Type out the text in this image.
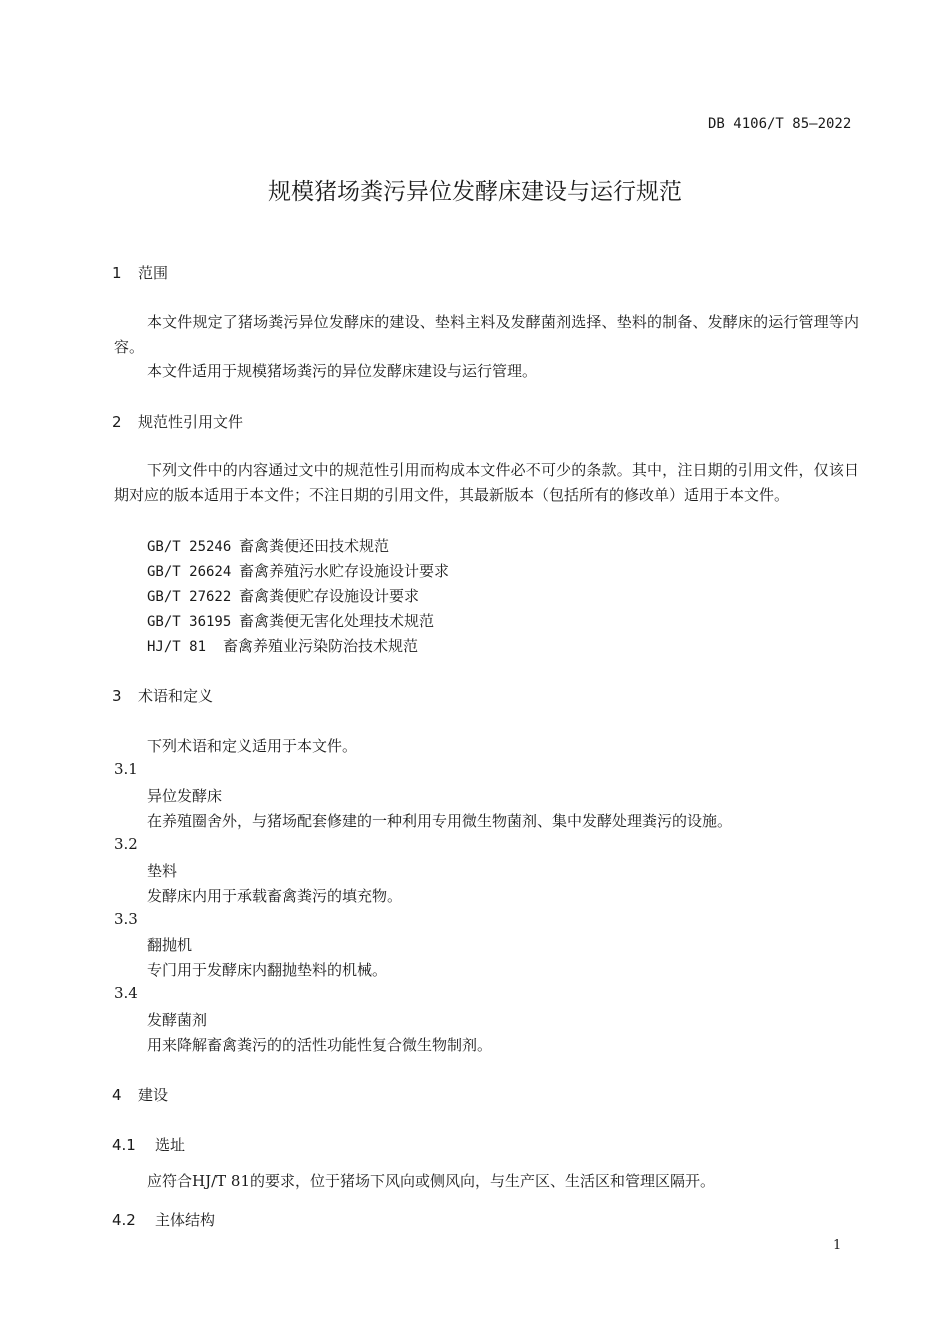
DB 4106/T 85—2022
规模猪场粪污异位发酵床建设与运行规范
1 范围
本文件规定了猪场粪污异位发酵床的建设、垫料主料及发酵菌剂选择、垫料的制备、发酵床的运行管理等内容。
本文件适用于规模猪场粪污的异位发酵床建设与运行管理。
2 规范性引用文件
下列文件中的内容通过文中的规范性引用而构成本文件必不可少的条款。其中，注日期的引用文件，仅该日期对应的版本适用于本文件；不注日期的引用文件，其最新版本（包括所有的修改单）适用于本文件。
GB/T 25246 畜禽粪便还田技术规范
GB/T 26624 畜禽养殖污水贮存设施设计要求
GB/T 27622 畜禽粪便贮存设施设计要求
GB/T 36195 畜禽粪便无害化处理技术规范
HJ/T 81 畜禽养殖业污染防治技术规范
3 术语和定义
下列术语和定义适用于本文件。
3.1
异位发酵床
在养殖圈舍外，与猪场配套修建的一种利用专用微生物菌剂、集中发酵处理粪污的设施。
3.2
垫料
发酵床内用于承载畜禽粪污的填充物。
3.3
翻抛机
专门用于发酵床内翻抛垫料的机械。
3.4
发酵菌剂
用来降解畜禽粪污的的活性功能性复合微生物制剂。
4 建设
4.1 选址
应符合HJ/T 81的要求，位于猪场下风向或侧风向，与生产区、生活区和管理区隔开。
4.2 主体结构
1
